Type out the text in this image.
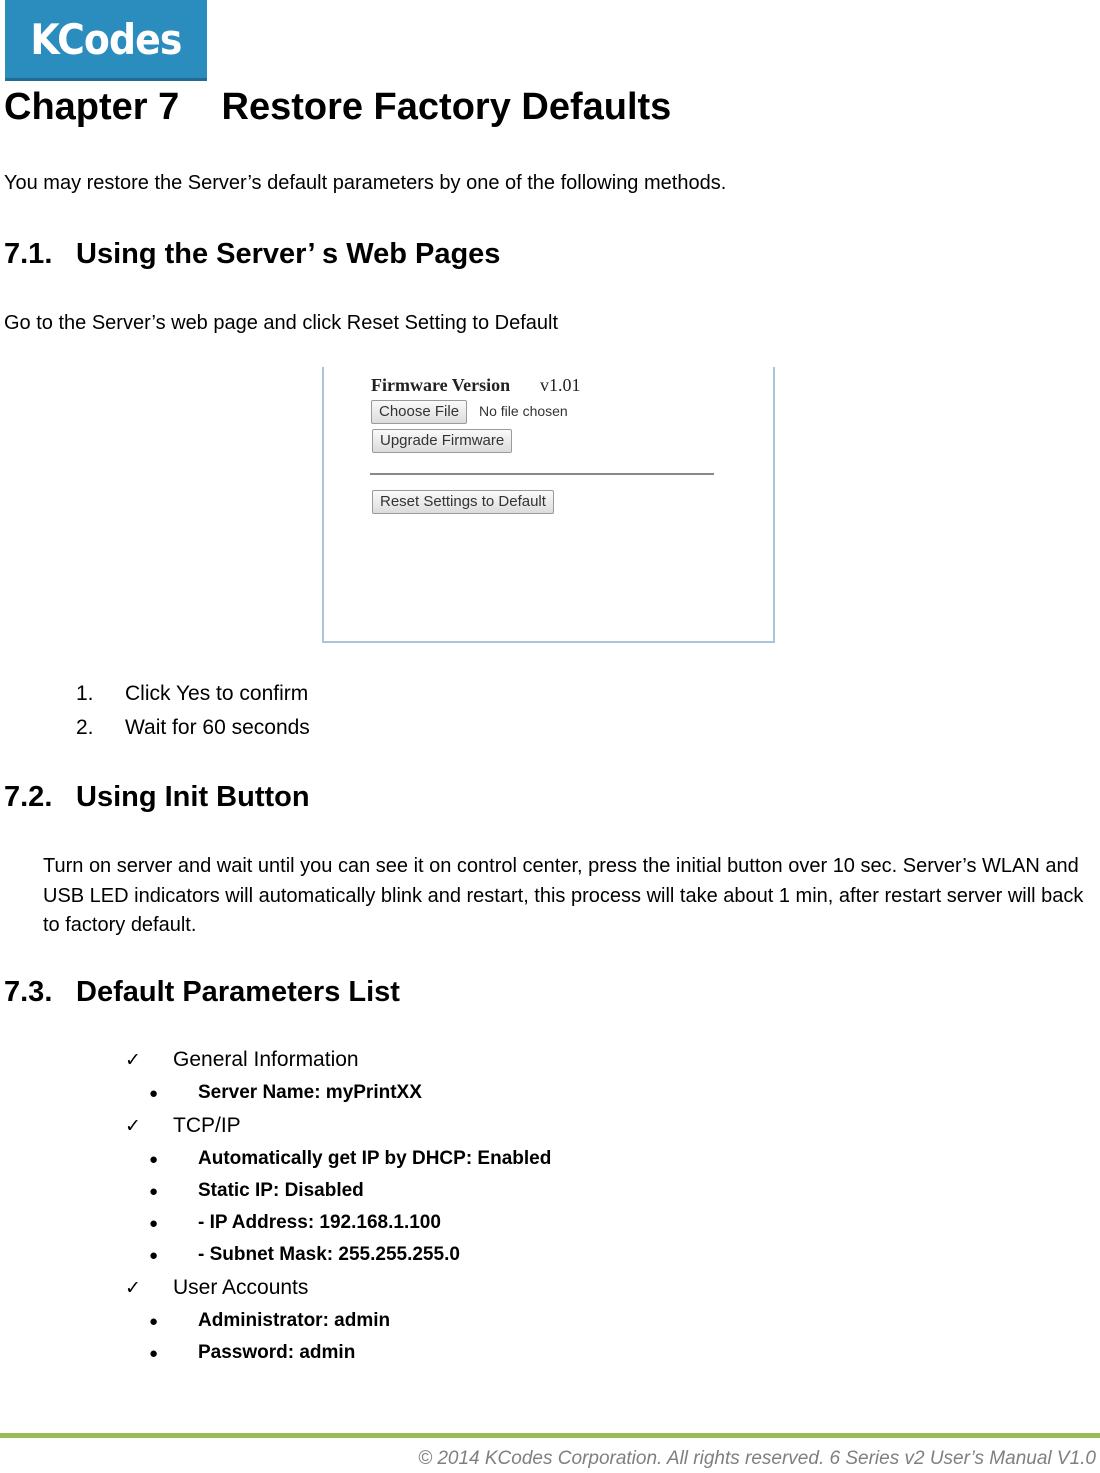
KCodes
Chapter 7    Restore Factory Defaults

You may restore the Server’s default parameters by one of the following methods.

7.1. Using the Server’ s Web Pages

Go to the Server’s web page and click Reset Setting to Default

Firmware Version v1.01
Choose File	No file chosen
Upgrade Firmware
Reset Settings to Default
1. Click Yes to confirm
2. Wait for 60 seconds
7.2. Using Init Button

Turn on server and wait until you can see it on control center, press the initial button over 10 sec. Server’s WLAN and USB LED indicators will automatically blink and restart, this process will take about 1 min, after restart server will back to factory default.

7.3. Default Parameters List
✓ General Information
● Server Name: myPrintXX
✓ TCP/IP
● Automatically get IP by DHCP: Enabled
● Static IP: Disabled
● - IP Address: 192.168.1.100
● - Subnet Mask: 255.255.255.0
✓ User Accounts
● Administrator: admin
● Password: admin
© 2014 KCodes Corporation. All rights reserved. 6 Series v2 User’s Manual V1.0
